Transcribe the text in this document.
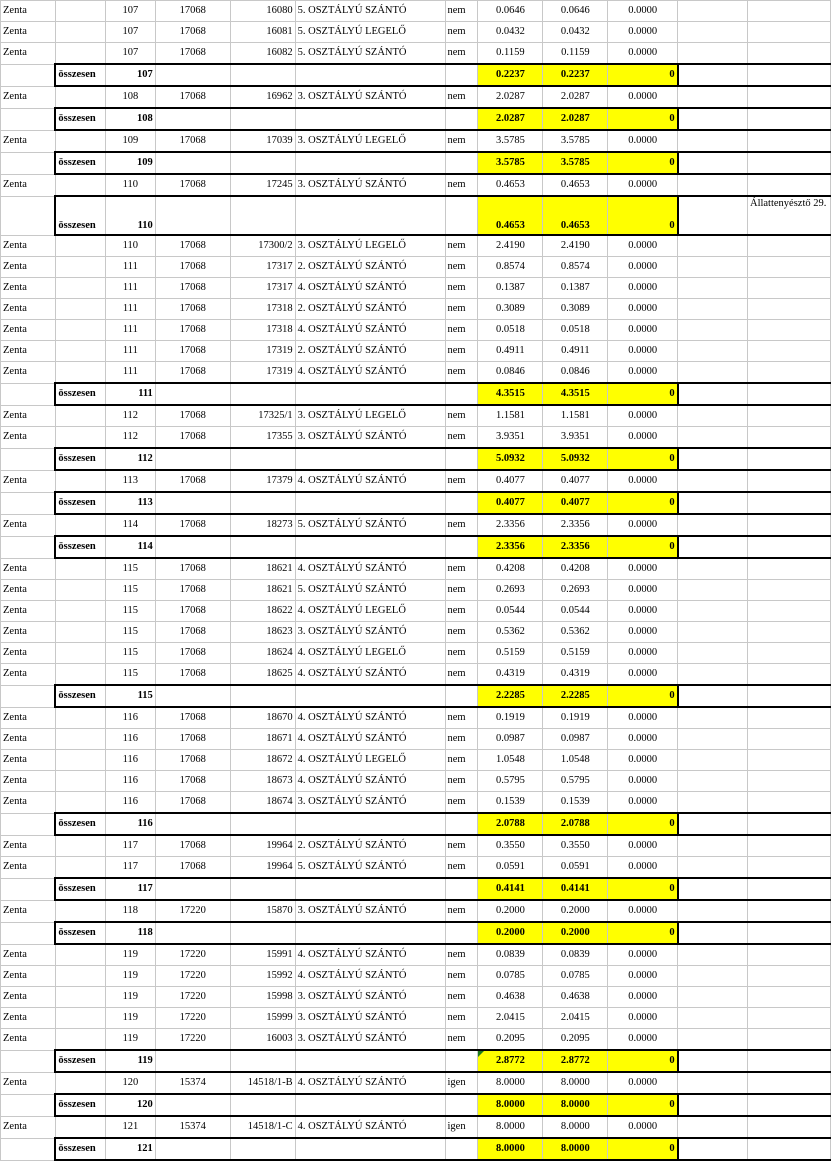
Zenta		107	17068	16080	5. OSZTÁLYÚ SZÁNTÓ	nem	0.0646	0.0646	0.0000		
Zenta		107	17068	16081	5. OSZTÁLYÚ LEGELŐ	nem	0.0432	0.0432	0.0000		
Zenta		107	17068	16082	5. OSZTÁLYÚ SZÁNTÓ	nem	0.1159	0.1159	0.0000		
	összesen	107					0.2237	0.2237	0		
Zenta		108	17068	16962	3. OSZTÁLYÚ SZÁNTÓ	nem	2.0287	2.0287	0.0000		
	összesen	108					2.0287	2.0287	0		
Zenta		109	17068	17039	3. OSZTÁLYÚ LEGELŐ	nem	3.5785	3.5785	0.0000		
	összesen	109					3.5785	3.5785	0		
Zenta		110	17068	17245	3. OSZTÁLYÚ SZÁNTÓ	nem	0.4653	0.4653	0.0000		
	összesen	110					0.4653	0.4653	0		Állattenyésztő 29.
Zenta		110	17068	17300/2	3. OSZTÁLYÚ LEGELŐ	nem	2.4190	2.4190	0.0000		
Zenta		111	17068	17317	2. OSZTÁLYÚ SZÁNTÓ	nem	0.8574	0.8574	0.0000		
Zenta		111	17068	17317	4. OSZTÁLYÚ SZÁNTÓ	nem	0.1387	0.1387	0.0000		
Zenta		111	17068	17318	2. OSZTÁLYÚ SZÁNTÓ	nem	0.3089	0.3089	0.0000		
Zenta		111	17068	17318	4. OSZTÁLYÚ SZÁNTÓ	nem	0.0518	0.0518	0.0000		
Zenta		111	17068	17319	2. OSZTÁLYÚ SZÁNTÓ	nem	0.4911	0.4911	0.0000		
Zenta		111	17068	17319	4. OSZTÁLYÚ SZÁNTÓ	nem	0.0846	0.0846	0.0000		
	összesen	111					4.3515	4.3515	0		
Zenta		112	17068	17325/1	3. OSZTÁLYÚ LEGELŐ	nem	1.1581	1.1581	0.0000		
Zenta		112	17068	17355	3. OSZTÁLYÚ SZÁNTÓ	nem	3.9351	3.9351	0.0000		
	összesen	112					5.0932	5.0932	0		
Zenta		113	17068	17379	4. OSZTÁLYÚ SZÁNTÓ	nem	0.4077	0.4077	0.0000		
	összesen	113					0.4077	0.4077	0		
Zenta		114	17068	18273	5. OSZTÁLYÚ SZÁNTÓ	nem	2.3356	2.3356	0.0000		
	összesen	114					2.3356	2.3356	0		
Zenta		115	17068	18621	4. OSZTÁLYÚ SZÁNTÓ	nem	0.4208	0.4208	0.0000		
Zenta		115	17068	18621	5. OSZTÁLYÚ SZÁNTÓ	nem	0.2693	0.2693	0.0000		
Zenta		115	17068	18622	4. OSZTÁLYÚ LEGELŐ	nem	0.0544	0.0544	0.0000		
Zenta		115	17068	18623	3. OSZTÁLYÚ SZÁNTÓ	nem	0.5362	0.5362	0.0000		
Zenta		115	17068	18624	4. OSZTÁLYÚ LEGELŐ	nem	0.5159	0.5159	0.0000		
Zenta		115	17068	18625	4. OSZTÁLYÚ SZÁNTÓ	nem	0.4319	0.4319	0.0000		
	összesen	115					2.2285	2.2285	0		
Zenta		116	17068	18670	4. OSZTÁLYÚ SZÁNTÓ	nem	0.1919	0.1919	0.0000		
Zenta		116	17068	18671	4. OSZTÁLYÚ SZÁNTÓ	nem	0.0987	0.0987	0.0000		
Zenta		116	17068	18672	4. OSZTÁLYÚ LEGELŐ	nem	1.0548	1.0548	0.0000		
Zenta		116	17068	18673	4. OSZTÁLYÚ SZÁNTÓ	nem	0.5795	0.5795	0.0000		
Zenta		116	17068	18674	3. OSZTÁLYÚ SZÁNTÓ	nem	0.1539	0.1539	0.0000		
	összesen	116					2.0788	2.0788	0		
Zenta		117	17068	19964	2. OSZTÁLYÚ SZÁNTÓ	nem	0.3550	0.3550	0.0000		
Zenta		117	17068	19964	5. OSZTÁLYÚ SZÁNTÓ	nem	0.0591	0.0591	0.0000		
	összesen	117					0.4141	0.4141	0		
Zenta		118	17220	15870	3. OSZTÁLYÚ SZÁNTÓ	nem	0.2000	0.2000	0.0000		
	összesen	118					0.2000	0.2000	0		
Zenta		119	17220	15991	4. OSZTÁLYÚ SZÁNTÓ	nem	0.0839	0.0839	0.0000		
Zenta		119	17220	15992	4. OSZTÁLYÚ SZÁNTÓ	nem	0.0785	0.0785	0.0000		
Zenta		119	17220	15998	3. OSZTÁLYÚ SZÁNTÓ	nem	0.4638	0.4638	0.0000		
Zenta		119	17220	15999	3. OSZTÁLYÚ SZÁNTÓ	nem	2.0415	2.0415	0.0000		
Zenta		119	17220	16003	3. OSZTÁLYÚ SZÁNTÓ	nem	0.2095	0.2095	0.0000		
	összesen	119					2.8772	2.8772	0		
Zenta		120	15374	14518/1-B	4. OSZTÁLYÚ SZÁNTÓ	igen	8.0000	8.0000	0.0000		
	összesen	120					8.0000	8.0000	0		
Zenta		121	15374	14518/1-C	4. OSZTÁLYÚ SZÁNTÓ	igen	8.0000	8.0000	0.0000		
	összesen	121					8.0000	8.0000	0		
